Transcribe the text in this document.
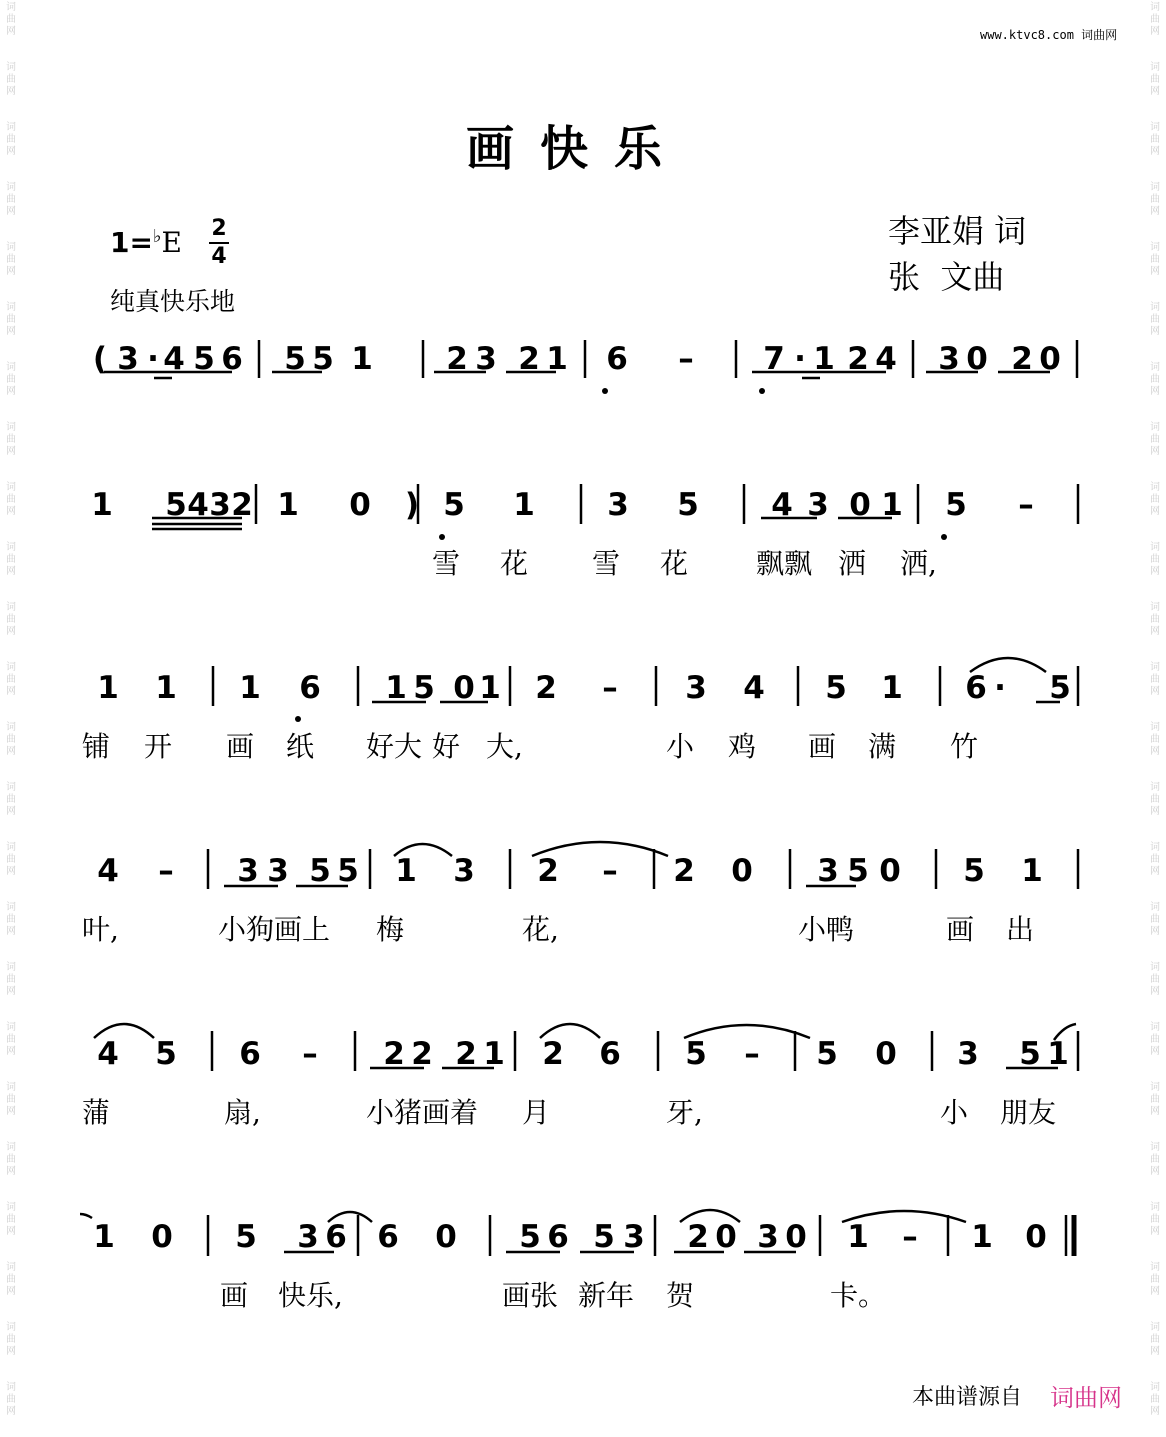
词
曲
网
词
曲
网
词
曲
网
词
曲
网
词
曲
网
词
曲
网
词
曲
网
词
曲
网
词
曲
网
词
曲
网
词
曲
网
词
曲
网
词
曲
网
词
曲
网
词
曲
网
词
曲
网
词
曲
网
词
曲
网
词
曲
网
词
曲
网
词
曲
网
词
曲
网
词
曲
网
词
曲
网
词
曲
网
词
曲
网
词
曲
网
词
曲
网
词
曲
网
词
曲
网
词
曲
网
词
曲
网
词
曲
网
词
曲
网
词
曲
网
词
曲
网
词
曲
网
词
曲
网
词
曲
网
词
曲
网
词
曲
网
词
曲
网
词
曲
网
词
曲
网
词
曲
网
词
曲
网
词
曲
网
词
曲
网
www.ktvc8.com 词曲网
画快乐
1=♭E 2
4
纯真快乐地
李亚娟 词
张  文曲
( 3 · 4 5 6 5 5 1 2 3 2 1 6 – 7 · 1 2 4 3 0 2 0
1 5 4 3 2 1 0 ) 5 1 3 5 4 3 0 1 5 –
1 1 1 6 1 5 0 1 2 – 3 4 5 1 6 · 5
4 – 3 3 5 5 1 3 2 – 2 0 3 5 0 5 1
4 5 6 – 2 2 2 1 2 6 5 – 5 0 3 5 1
1 0 5 3 6 6 0 5 6 5 3 2 0 3 0 1 – 1 0
雪 花 雪 花 飘飘 洒 洒,
铺 开 画 纸 好大 好 大,	小 鸡 画 满 竹
叶,	小狗画上 梅	花,	小鸭	画 出
蒲	扇,	小猪画着 月	牙,	小 朋友
画 快乐,	画张 新年 贺	卡。
本曲谱源自 词曲网
